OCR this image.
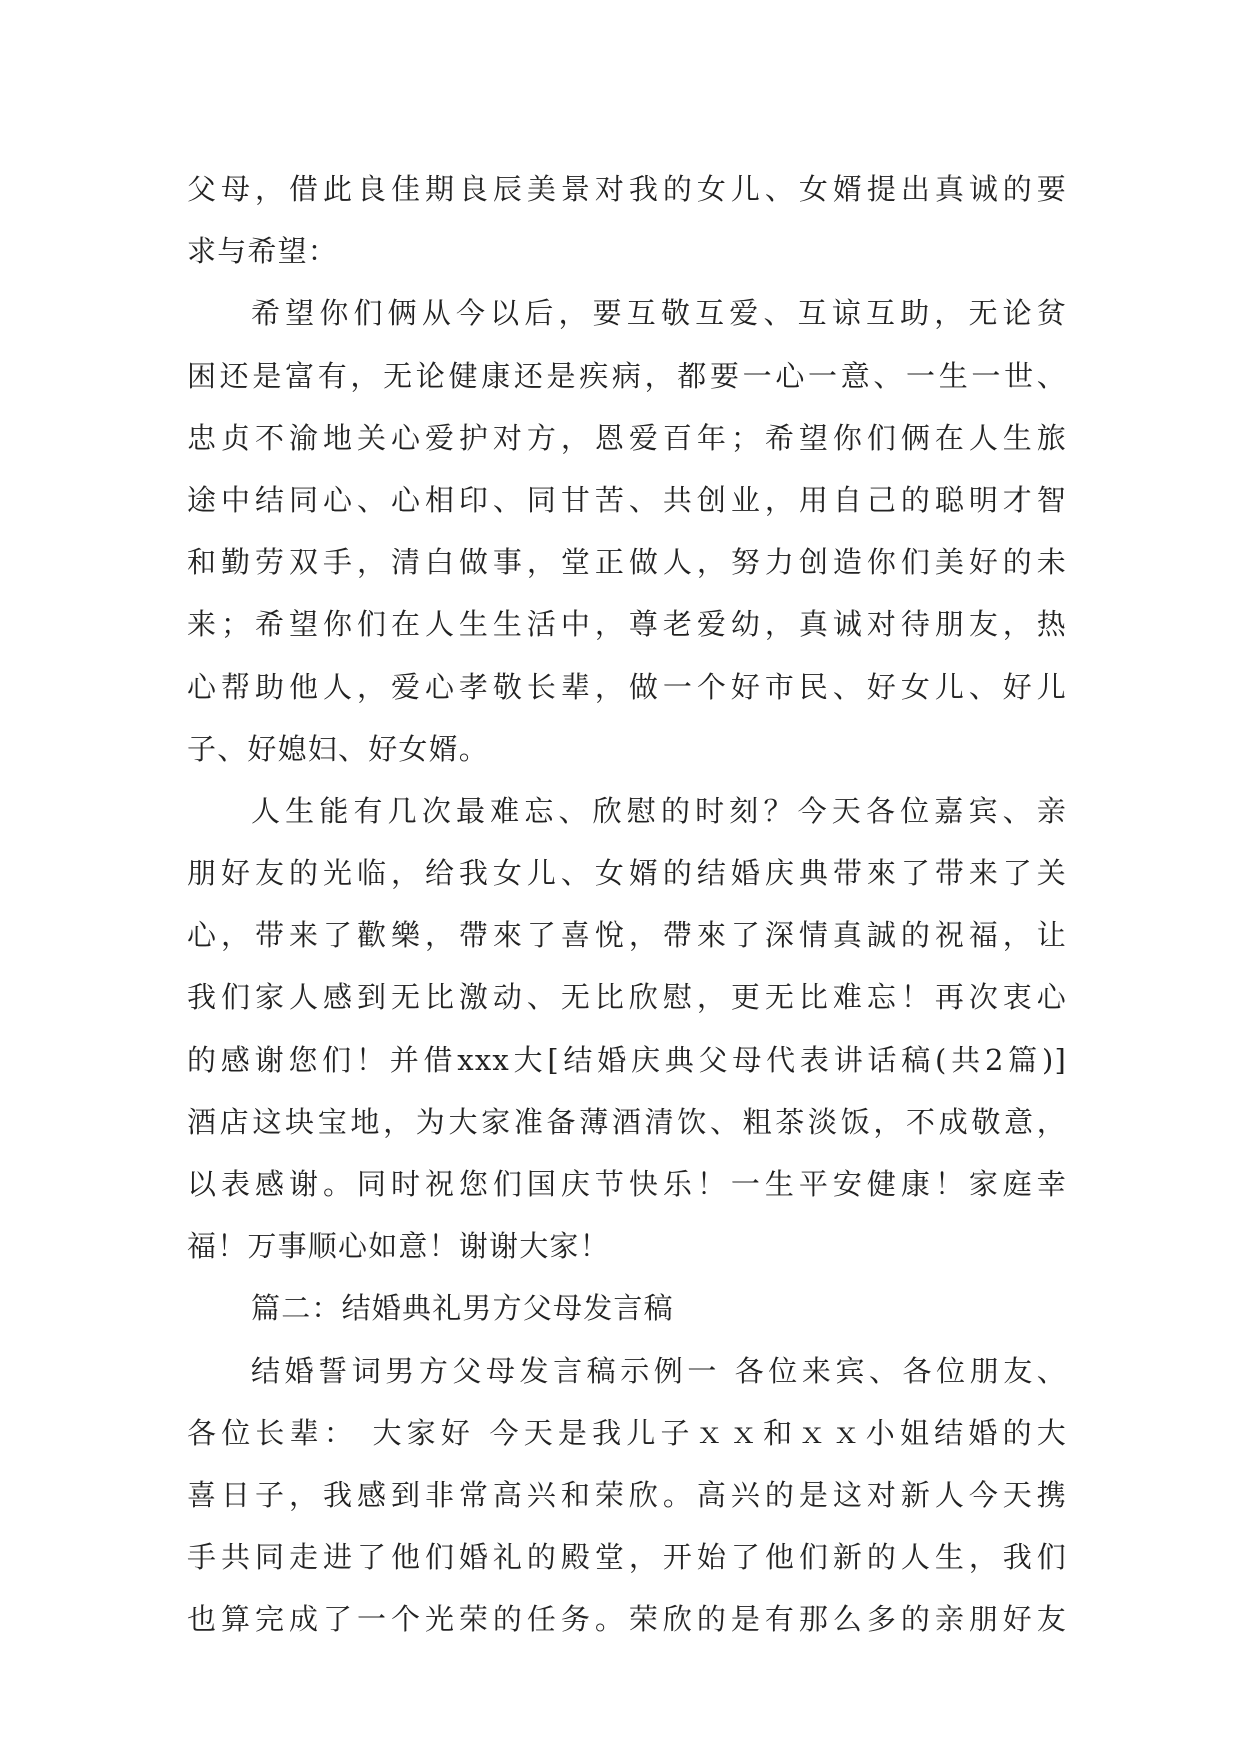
父母，借此良佳期良辰美景对我的女儿、女婿提出真诚的要
求与希望：
希望你们俩从今以后，要互敬互爱、互谅互助，无论贫
困还是富有，无论健康还是疾病，都要一心一意、一生一世、
忠贞不渝地关心爱护对方，恩爱百年；希望你们俩在人生旅
途中结同心、心相印、同甘苦、共创业，用自己的聪明才智
和勤劳双手，清白做事，堂正做人，努力创造你们美好的未
来；希望你们在人生生活中，尊老爱幼，真诚对待朋友，热
心帮助他人，爱心孝敬长辈，做一个好市民、好女儿、好儿
子、好媳妇、好女婿。
人生能有几次最难忘、欣慰的时刻？今天各位嘉宾、亲
朋好友的光临，给我女儿、女婿的结婚庆典带來了带来了关
心，带来了歡樂，帶來了喜悅，帶來了深情真誠的祝福，让
我们家人感到无比激动、无比欣慰，更无比难忘！再次衷心
的感谢您们！并借xxx大[结婚庆典父母代表讲话稿(共2篇)]
酒店这块宝地，为大家准备薄酒清饮、粗茶淡饭，不成敬意，
以表感谢。同时祝您们国庆节快乐！一生平安健康！家庭幸
福！万事顺心如意！谢谢大家！
篇二：结婚典礼男方父母发言稿
结婚誓词男方父母发言稿示例一 各位来宾、各位朋友、
各位长辈： 大家好 今天是我儿子ｘｘ和ｘｘ小姐结婚的大
喜日子，我感到非常高兴和荣欣。高兴的是这对新人今天携
手共同走进了他们婚礼的殿堂，开始了他们新的人生，我们
也算完成了一个光荣的任务。荣欣的是有那么多的亲朋好友
